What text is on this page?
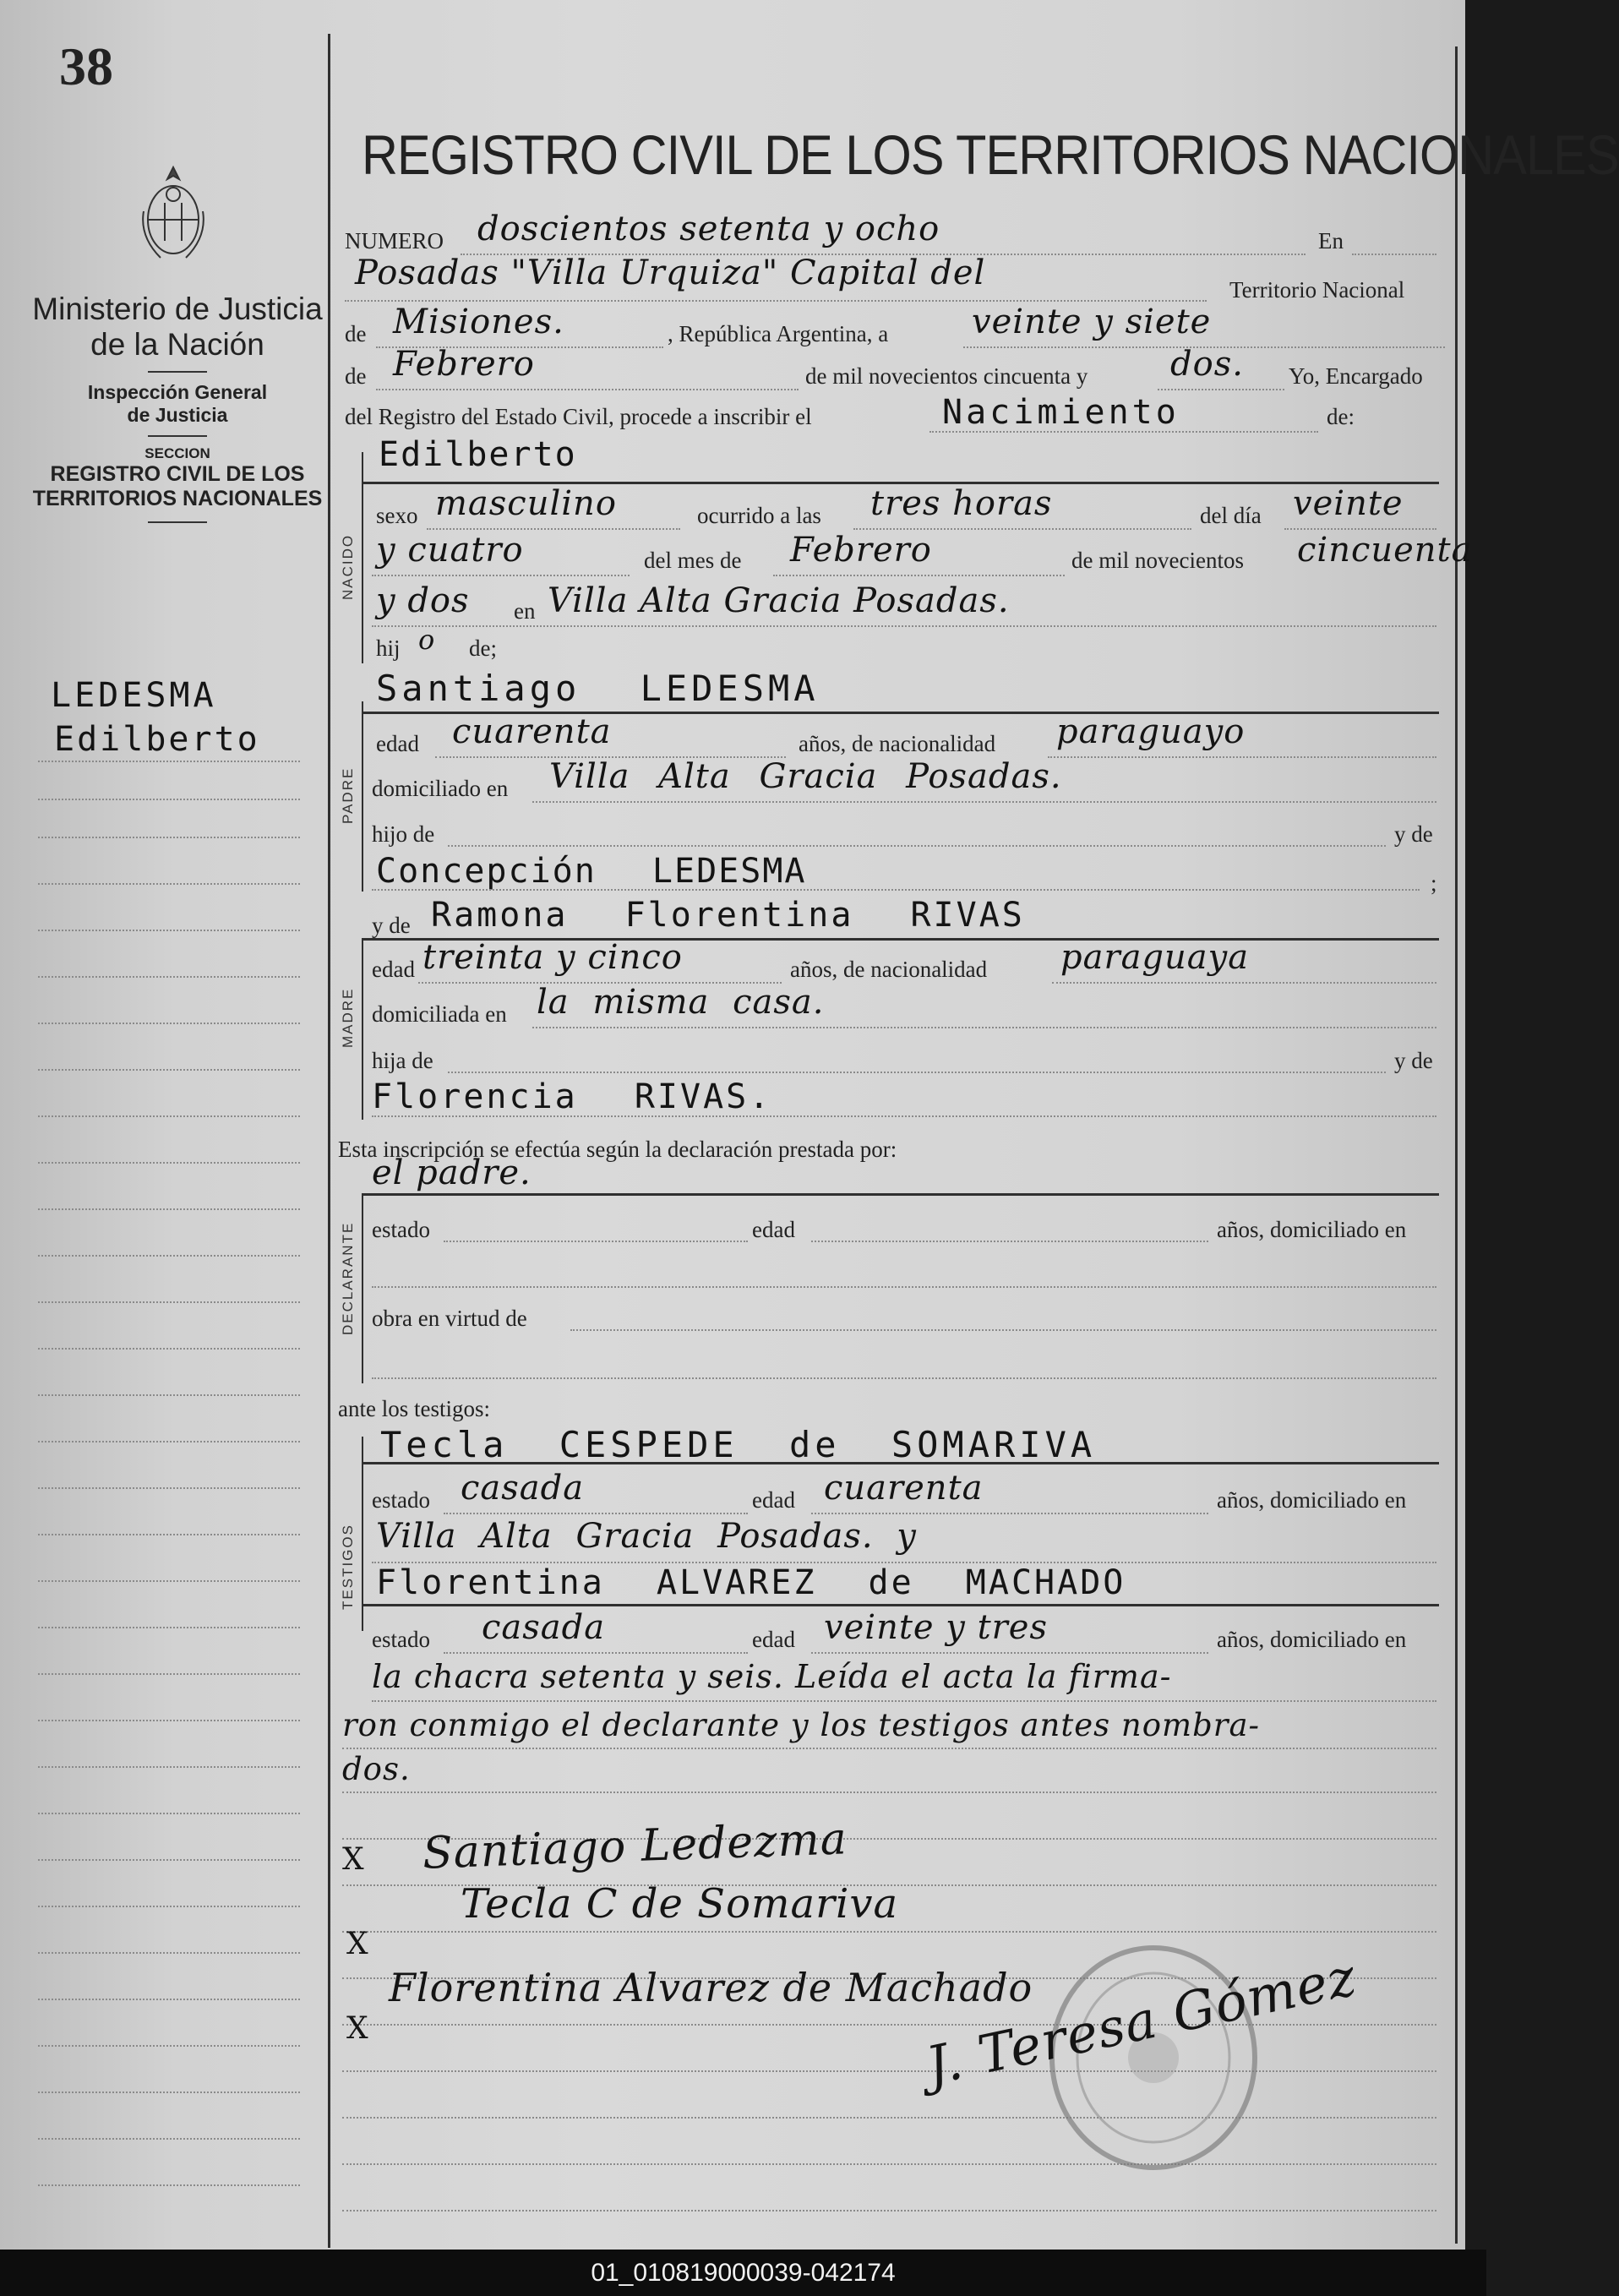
38
Ministerio de Justicia
de la Nación
Inspección General
de Justicia
SECCION
REGISTRO CIVIL DE LOS
TERRITORIOS NACIONALES
LEDESMA
Edilberto
REGISTRO CIVIL DE LOS TERRITORIOS NACIONALES
NUMERO doscientos setenta y ocho	En
Posadas "Villa Urquiza" Capital del	Territorio Nacional
de Misiones.	, República Argentina, a veinte y siete
de Febrero	de mil novecientos cincuenta y dos. Yo, Encargado
del Registro del Estado Civil, procede a inscribir el	Nacimiento	de:
NACIDO
Edilberto
sexo masculino	ocurrido a las tres horas	del día veinte
y cuatro	del mes de Febrero	de mil novecientos cincuenta
y dos en Villa Alta Gracia Posadas.
hij o de;
PADRE
Santiago LEDESMA
edad cuarenta	años, de nacionalidad paraguayo
domiciliado en Villa Alta Gracia Posadas.
hijo de	y de
Concepción LEDESMA	;
MADRE
y de Ramona Florentina RIVAS
edad treinta y cinco	años, de nacionalidad paraguaya
domiciliada en la misma casa.
hija de	y de
Florencia RIVAS.
Esta inscripción se efectúa según la declaración prestada por:
el padre.
DECLARANTE estado	edad	años, domiciliado en
obra en virtud de
ante los testigos:
TESTIGOS
Tecla CESPEDE de SOMARIVA
estado casada	edad cuarenta	años, domiciliado en
Villa Alta Gracia Posadas. y
Florentina ALVAREZ de MACHADO
estado casada	edad veinte y tres	años, domiciliado en
la chacra setenta y seis. Leída el acta la firma-
ron conmigo el declarante y los testigos antes nombra-
dos.
X Santiago Ledezma
Tecla C de Somariva
X
Florentina Alvarez de Machado
X	J. Teresa Gómez
01_010819000039-042174
